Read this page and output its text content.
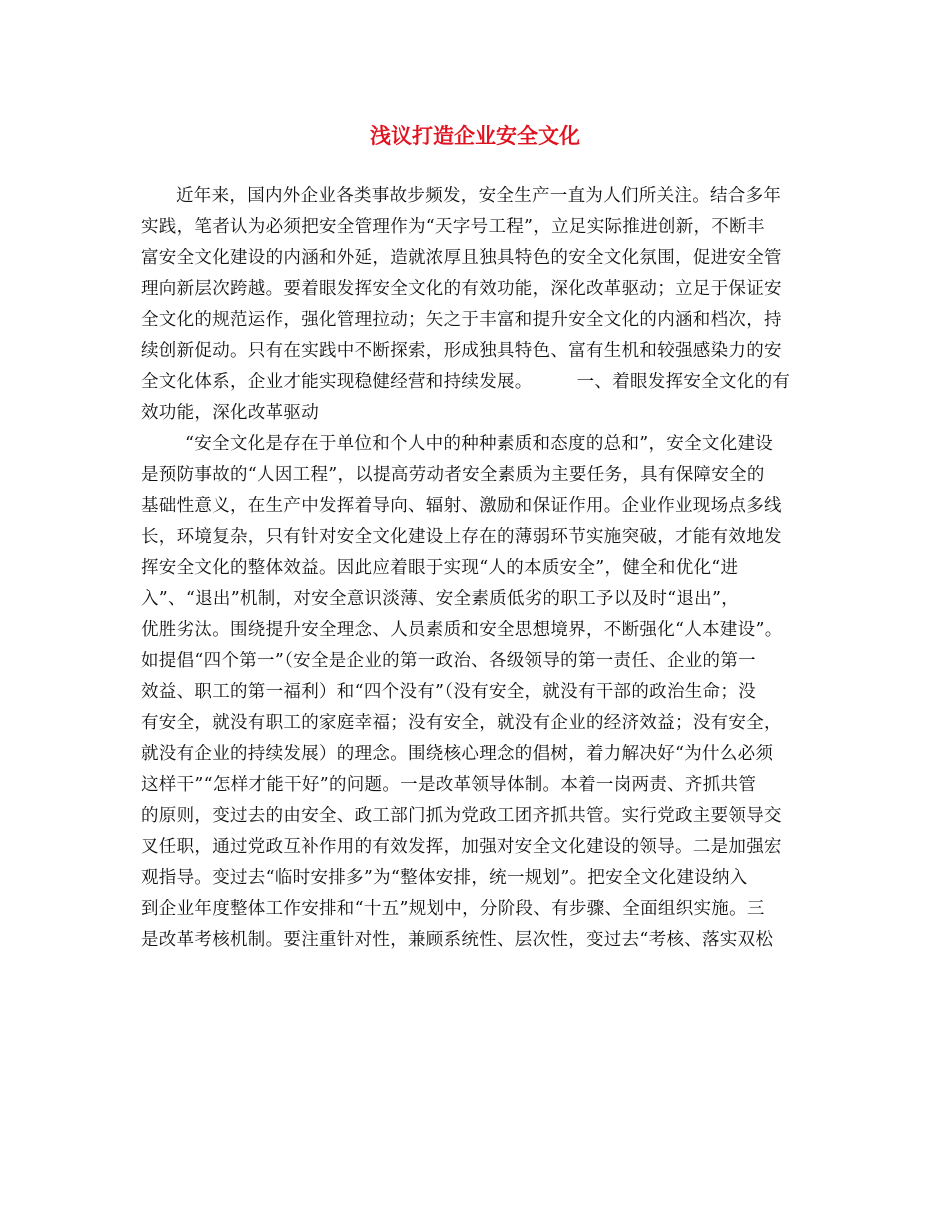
浅议打造企业安全文化
近年来，国内外企业各类事故步频发，安全生产一直为人们所关注。结合多年
实践，笔者认为必须把安全管理作为“天字号工程”，立足实际推进创新，不断丰
富安全文化建设的内涵和外延，造就浓厚且独具特色的安全文化氛围，促进安全管
理向新层次跨越。要着眼发挥安全文化的有效功能，深化改革驱动；立足于保证安
全文化的规范运作，强化管理拉动；矢之于丰富和提升安全文化的内涵和档次，持
续创新促动。只有在实践中不断探索，形成独具特色、富有生机和较强感染力的安
全文化体系，企业才能实现稳健经营和持续发展。	一、着眼发挥安全文化的有
效功能，深化改革驱动
“安全文化是存在于单位和个人中的种种素质和态度的总和”，安全文化建设
是预防事故的“人因工程”，以提高劳动者安全素质为主要任务，具有保障安全的
基础性意义，在生产中发挥着导向、辐射、激励和保证作用。企业作业现场点多线
长，环境复杂，只有针对安全文化建设上存在的薄弱环节实施突破，才能有效地发
挥安全文化的整体效益。因此应着眼于实现“人的本质安全”，健全和优化“进
入”、“退出”机制，对安全意识淡薄、安全素质低劣的职工予以及时“退出”，
优胜劣汰。围绕提升安全理念、人员素质和安全思想境界，不断强化“人本建设”。
如提倡“四个第一”（安全是企业的第一政治、各级领导的第一责任、企业的第一
效益、职工的第一福利）和“四个没有”（没有安全，就没有干部的政治生命；没
有安全，就没有职工的家庭幸福；没有安全，就没有企业的经济效益；没有安全，
就没有企业的持续发展）的理念。围绕核心理念的倡树，着力解决好“为什么必须
这样干”“怎样才能干好”的问题。一是改革领导体制。本着一岗两责、齐抓共管
的原则，变过去的由安全、政工部门抓为党政工团齐抓共管。实行党政主要领导交
叉任职，通过党政互补作用的有效发挥，加强对安全文化建设的领导。二是加强宏
观指导。变过去“临时安排多”为“整体安排，统一规划”。把安全文化建设纳入
到企业年度整体工作安排和“十五”规划中，分阶段、有步骤、全面组织实施。三
是改革考核机制。要注重针对性，兼顾系统性、层次性，变过去“考核、落实双松
